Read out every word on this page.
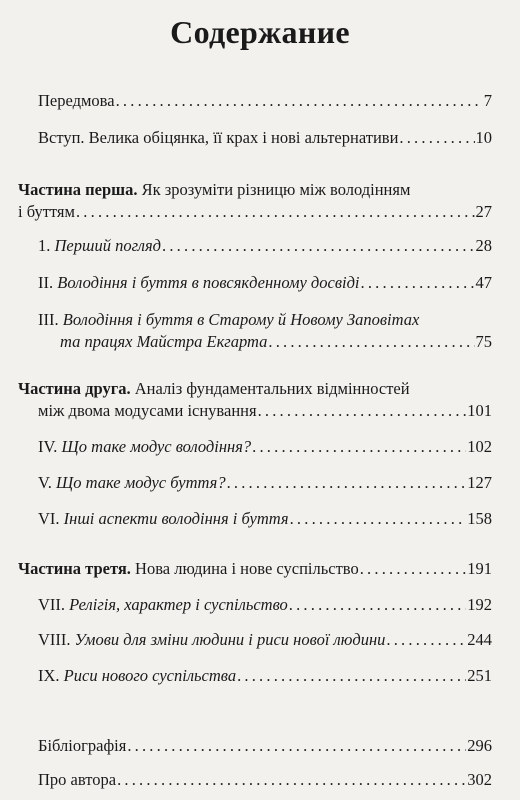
Содержание
Передмова .....	7
Вступ. Велика обіцянка, її крах і нові альтернативи .....	10
Частина перша. Як зрозуміти різницю між володінням
і буттям .....	27
1. Перший погляд .....	28
II. Володіння і буття в повсякденному досвіді .....	47
III. Володіння і буття в Старому й Новому Заповітах
та працях Майстра Екгарта .....	75
Частина друга. Аналіз фундаментальних відмінностей
між двома модусами існування .....	101
IV. Що таке модус володіння? .....	102
V. Що таке модус буття? .....	127
VI. Інші аспекти володіння і буття .....	158
Частина третя. Нова людина і нове суспільство .....	191
VII. Релігія, характер і суспільство .....	192
VIII. Умови для зміни людини і риси нової людини .....	244
IX. Риси нового суспільства .....	251
Бібліографія .....	296
Про автора .....	302
